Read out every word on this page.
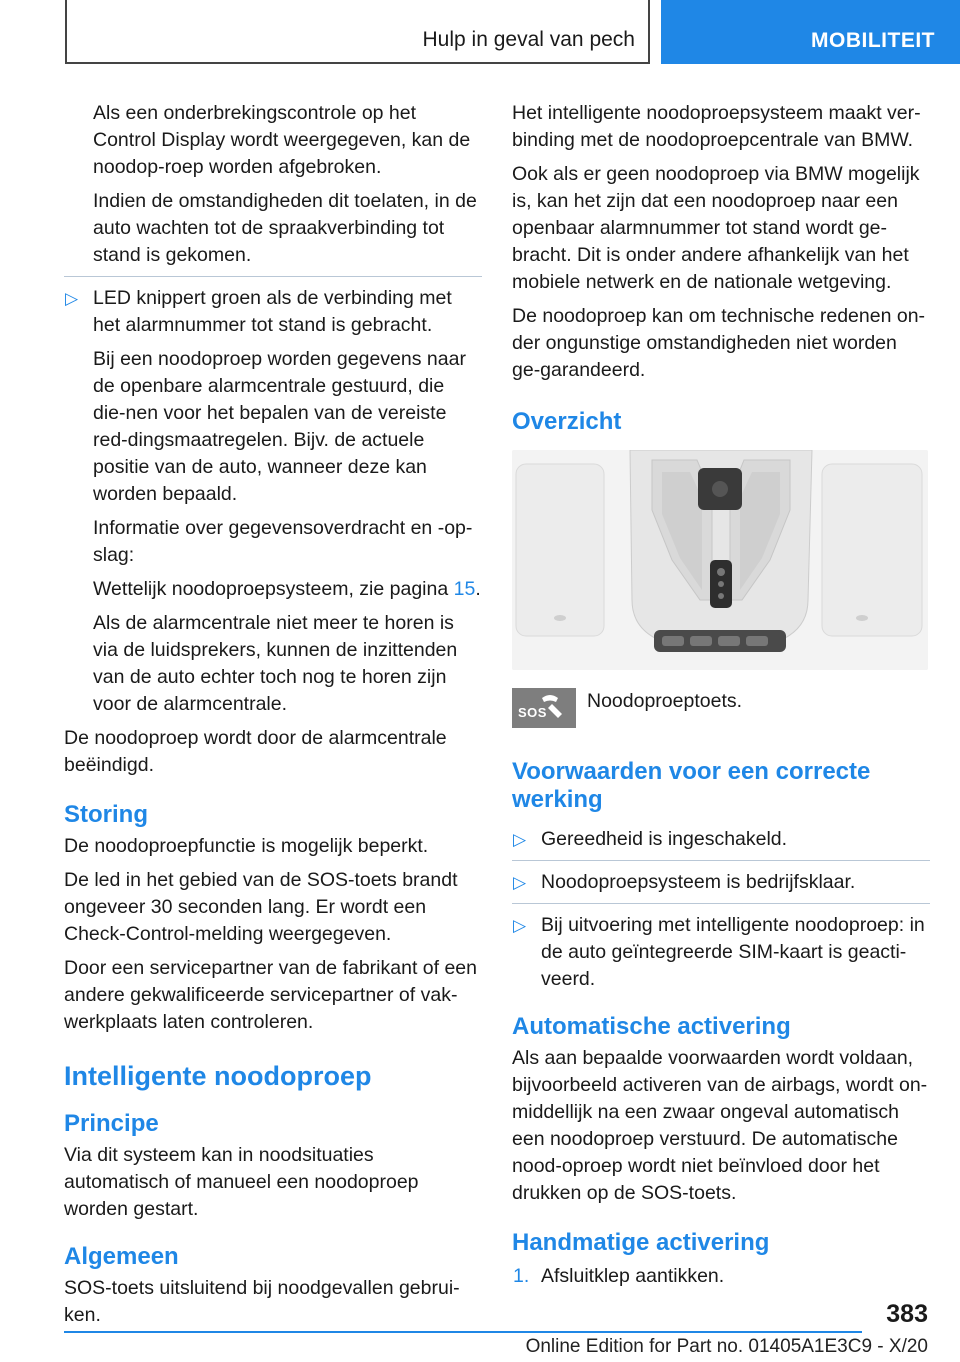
Hulp in geval van pech	MOBILITEIT
Als een onderbrekingscontrole op het Control Display wordt weergegeven, kan de noodop-roep worden afgebroken.
Indien de omstandigheden dit toelaten, in de auto wachten tot de spraakverbinding tot stand is gekomen.
▷ LED knippert groen als de verbinding met het alarmnummer tot stand is gebracht.
Bij een noodoproep worden gegevens naar de openbare alarmcentrale gestuurd, die die-nen voor het bepalen van de vereiste red-dingsmaatregelen. Bijv. de actuele positie van de auto, wanneer deze kan worden bepaald.
Informatie over gegevensoverdracht en -op-slag:
Wettelijk noodoproepsysteem, zie pagina 15.
Als de alarmcentrale niet meer te horen is via de luidsprekers, kunnen de inzittenden van de auto echter toch nog te horen zijn voor de alarmcentrale.
De noodoproep wordt door de alarmcentrale beëindigd.
Storing
De noodoproepfunctie is mogelijk beperkt.
De led in het gebied van de SOS-toets brandt ongeveer 30 seconden lang. Er wordt een Check-Control-melding weergegeven.
Door een servicepartner van de fabrikant of een andere gekwalificeerde servicepartner of vak-werkplaats laten controleren.
Intelligente noodoproep
Principe
Via dit systeem kan in noodsituaties automatisch of manueel een noodoproep worden gestart.
Algemeen
SOS-toets uitsluitend bij noodgevallen gebrui-ken.
Het intelligente noodoproepsysteem maakt ver-binding met de noodoproepcentrale van BMW.
Ook als er geen noodoproep via BMW mogelijk is, kan het zijn dat een noodoproep naar een openbaar alarmnummer tot stand wordt ge-bracht. Dit is onder andere afhankelijk van het mobiele netwerk en de nationale wetgeving.
De noodoproep kan om technische redenen on-der ongunstige omstandigheden niet worden ge-garandeerd.
Overzicht
SOS
Noodoproeptoets.
Voorwaarden voor een correcte werking
▷ Gereedheid is ingeschakeld.
▷ Noodoproepsysteem is bedrijfsklaar.
▷ Bij uitvoering met intelligente noodoproep: in de auto geïntegreerde SIM-kaart is geacti-veerd.
Automatische activering
Als aan bepaalde voorwaarden wordt voldaan, bijvoorbeeld activeren van de airbags, wordt on-middellijk na een zwaar ongeval automatisch een noodoproep verstuurd. De automatische nood-oproep wordt niet beïnvloed door het drukken op de SOS-toets.
Handmatige activering
1. Afsluitklep aantikken.
383
Online Edition for Part no. 01405A1E3C9 - X/20
